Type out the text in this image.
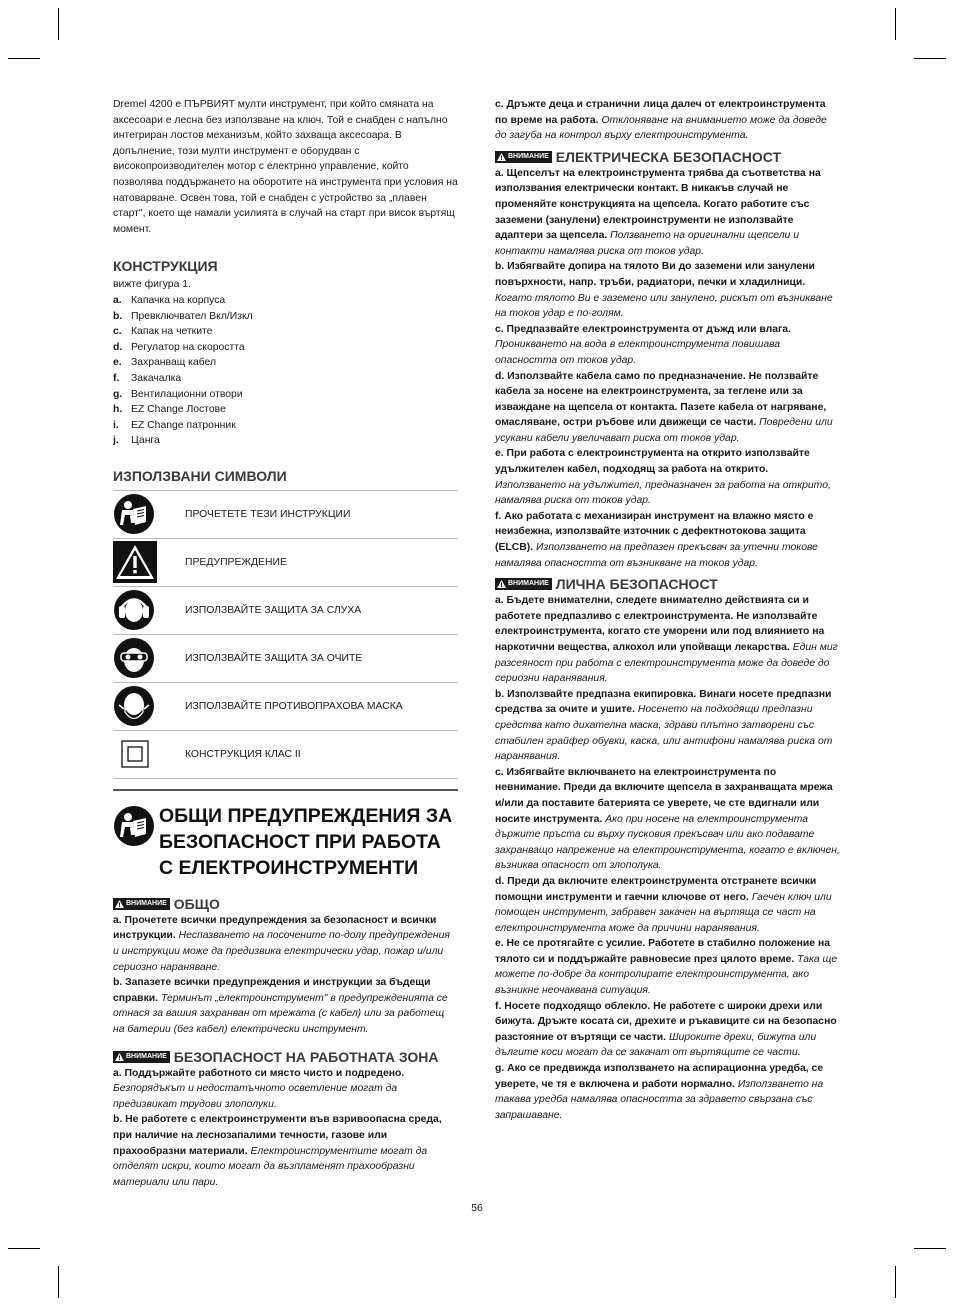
Dremel 4200 е ПЪРВИЯТ мулти инструмент, при който смяната на аксесоари е лесна без използване на ключ. Той е снабден с напълно интегриран лостов механизъм, който захваща аксесоара. В допълнение, този мулти инструмент е оборудван с високопроизводителен мотор с електрнно управление, който позволява поддържането на оборотите на инструмента при условия на натоварване. Освен това, той е снабден с устройство за „плавен старт", което ще намали усилията в случай на старт при висок въртящ момент.

КОНСТРУКЦИЯ

вижте фигура 1.

a. Капачка на корпуса
b. Превключвател Вкл/Изкл
c. Капак на четките
d. Регулатор на скоростта
e. Захранващ кабел
f.	Закачалка
g. Вентилационни отвори
h. EZ Change Лостове
i.	EZ Change патронник
j.	Цанга
ИЗПОЛЗВАНИ СИМВОЛИ
ПРОЧЕТЕТЕ ТЕЗИ ИНСТРУКЦИИ
ПРЕДУПРЕЖДЕНИЕ
ИЗПОЛЗВАЙТЕ ЗАЩИТА ЗА СЛУХА
ИЗПОЛЗВАЙТЕ ЗАЩИТА ЗА ОЧИТЕ
ИЗПОЛЗВАЙТЕ ПРОТИВОПРАХОВА МАСКА
КОНСТРУКЦИЯ КЛАС II
ОБЩИ ПРЕДУПРЕЖДЕНИЯ ЗА БЕЗОПАСНОСТ ПРИ РАБОТА С ЕЛЕКТРОИНСТРУМЕНТИ
ВНИМАНИЕ ОБЩО

a. Прочетете всички предупреждения за безопасност и всички инструкции. Неспазването на посочените по-долу предупреждения и инструкции може да предизвика електрически удар, пожар и/или сериозно нараняване.

b. Запазете всички предупреждения и инструкции за бъдещи справки. Терминът „електроинструмент" в предупрежденията се отнася за вашия захранван от мрежата (с кабел) или за работещ на батерии (без кабел) електрически инструмент.

ВНИМАНИЕ БЕЗОПАСНОСТ НА РАБОТНАТА ЗОНА

a. Поддържайте работното си място чисто и подредено. Безпорядъкът и недостатъчното осветление могат да предизвикат трудови злополуки.

b. Не работете с електроинструменти във взривоопасна среда, при наличие на леснозапалими течности, газове или прахообразни материали. Електроинструментите могат да отделят искри, които могат да възпламенят прахообразни материали или пари.

c. Дръжте деца и странични лица далеч от електроинструмента по време на работа. Отклоняване на вниманието може да доведе до загуба на контрол върху електроинструмента.

ВНИМАНИЕ ЕЛЕКТРИЧЕСКА БЕЗОПАСНОСТ

a. Щепселът на електроинструмента трябва да съответства на използвания електрически контакт. В никакъв случай не променяйте конструкцията на щепсела. Когато работите със заземени (занулени) електроинструменти не използвайте адаптери за щепсела. Ползването на оригинални щепсели и контакти намалява риска от токов удар.

b. Избягвайте допира на тялото Ви до заземени или занулени повърхности, напр. тръби, радиатори, печки и хладилници. Когато тялото Ви е заземено или занулено, рискът от възникване на токов удар е по-голям.

c. Предпазвайте електроинструмента от дъжд или влага. Проникването на вода в електроинструмента повишава опасността от токов удар.

d. Използвайте кабела само по предназначение. Не ползвайте кабела за носене на електроинструмента, за теглене или за изваждане на щепсела от контакта. Пазете кабела от нагряване, омасляване, остри ръбове или движещи се части. Повредени или усукани кабели увеличават риска от токов удар.

e. При работа с електроинструмента на открито използвайте удължителен кабел, подходящ за работа на открито. Използването на удължител, предназначен за работа на открито, намалява риска от токов удар.

f. Ако работата с механизиран инструмент на влажно място е неизбежна, използвайте източник с дефектнотокова защита (ELCB). Използването на предпазен прекъсвач за утечни токове намалява опасността от възникване на токов удар.

ВНИМАНИЕ ЛИЧНА БЕЗОПАСНОСТ

a. Бъдете внимателни, следете внимателно действията си и работете предпазливо с електроинструмента. Не използвайте електроинструмента, когато сте уморени или под влиянието на наркотични вещества, алкохол или упойващи лекарства. Един миг разсеяност при работа с електроинструмента може да доведе до сериозни наранявания.

b. Използвайте предпазна екипировка. Винаги носете предпазни средства за очите и ушите. Носенето на подходящи предпазни средства като дихателна маска, здрави плътно затворени със стабилен грайфер обувки, каска, или антифони намалява риска от наранявания.

c. Избягвайте включването на електроинструмента по невнимание. Преди да включите щепсела в захранващата мрежа и/или да поставите батерията се уверете, че сте вдигнали или носите инструмента. Ако при носене на електроинструмента държите пръста си върху пусковия прекъсвач или ако подавате захранващо напрежение на електроинструмента, когато е включен, възниква опасност от злополука.

d. Преди да включите електроинструмента отстранете всички помощни инструменти и гаечни ключове от него. Гаечен ключ или помощен инструмент, забравен закачен на въртяща се част на електроинструмента може да причини наранявания.

e. Не се протягайте с усилие. Работете в стабилно положение на тялото си и поддържайте равновесие през цялото време. Така ще можете по-добре да контролирате електроинструмента, ако възникне неочаквана ситуация.

f. Носете подходящо облекло. Не работете с широки дрехи или бижута. Дръжте косата си, дрехите и ръкавиците си на безопасно разстояние от въртящи се части. Широките дрехи, бижута или дългите коси могат да се закачат от въртящите се части.

g. Ако се предвижда използването на аспирационна уредба, се уверете, че тя е включена и работи нормално. Използването на такава уредба намалява опасността за здравето свързана със запрашаване.

56
